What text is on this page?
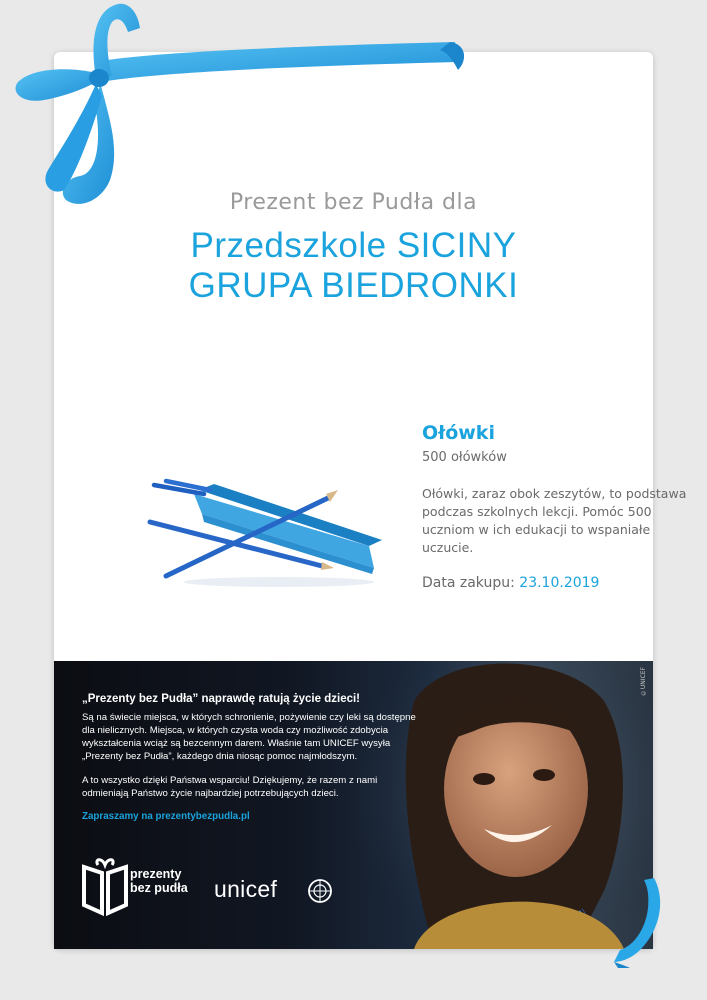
Ołówki
500 ołówków
Ołówki, zaraz obok zeszytów, to podstawa podczas szkolnych lekcji. Pomóc 500 uczniom w ich edukacji to wspaniałe uczucie.
Data zakupu: 23.10.2019
©UNICEF
„Prezenty bez Pudła” naprawdę ratują życie dzieci!

Są na świecie miejsca, w których schronienie, pożywienie czy leki są dostępne dla nielicznych. Miejsca, w których czysta woda czy możliwość zdobycia wykształcenia wciąż są bezcennym darem. Właśnie tam UNICEF wysyła „Prezenty bez Pudła”, każdego dnia niosąc pomoc najmłodszym.

A to wszystko dzięki Państwa wsparciu! Dziękujemy, że razem z nami odmieniają Państwo życie najbardziej potrzebujących dzieci.

Zapraszamy na prezentybezpudla.pl
prezenty
bez pudła unicef
Prezent bez Pudła dla
Przedszkole SICINY
GRUPA BIEDRONKI
